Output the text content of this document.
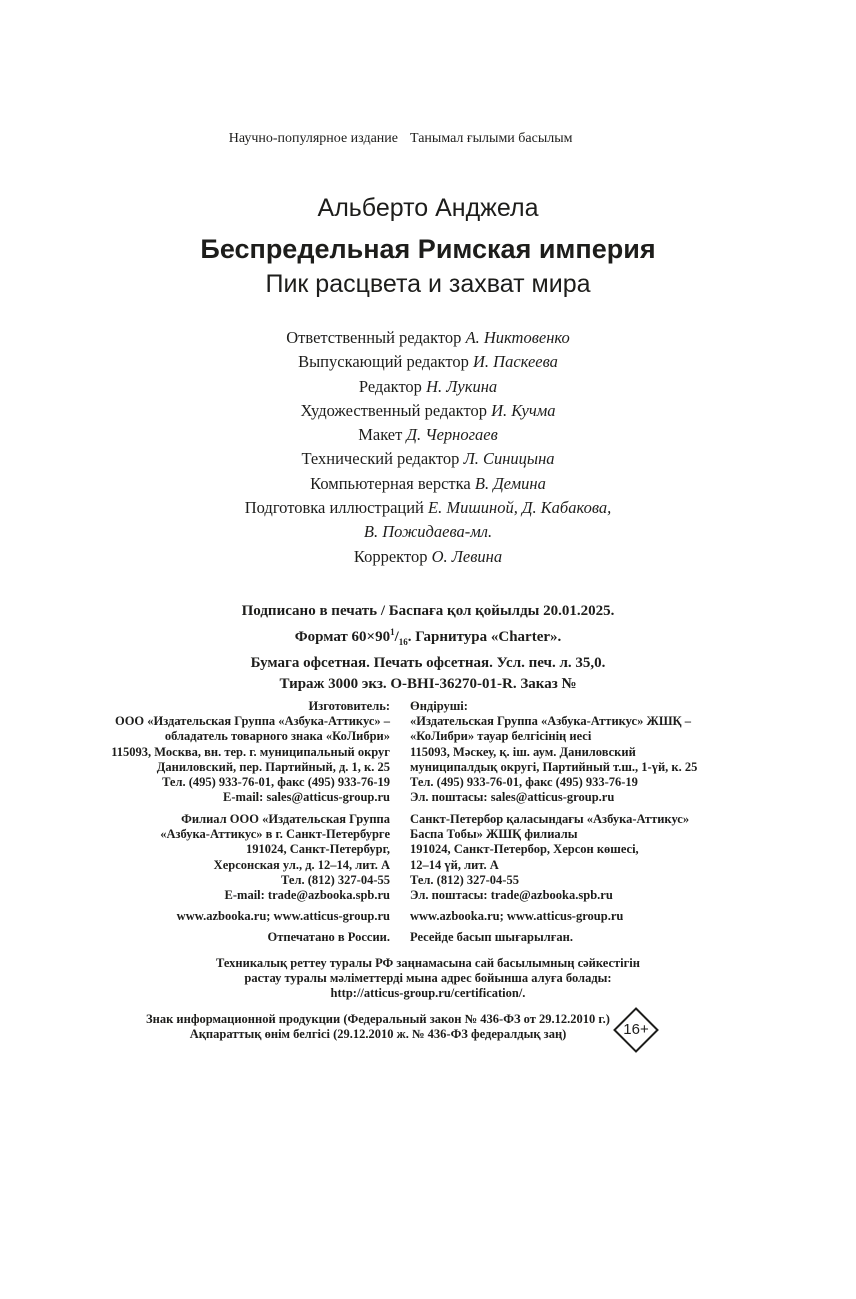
Научно-популярное издание Танымал ғылыми басылым
Альберто Анджела
Беспредельная Римская империя
Пик расцвета и захват мира
Ответственный редактор А. Никтовенко
Выпускающий редактор И. Паскеева
Редактор Н. Лукина
Художественный редактор И. Кучма
Макет Д. Черногаев
Технический редактор Л. Синицына
Компьютерная верстка В. Демина
Подготовка иллюстраций Е. Мишиной, Д. Кабакова,
В. Пожидаева-мл.
Корректор О. Левина
Подписано в печать / Баспаға қол қойылды 20.01.2025.
Формат $60\times 90^1/_{16}$. Гарнитура «Charter».
Бумага офсетная. Печать офсетная. Усл. печ. л. 35,0.
Тираж 3000 экз. O-BHI-36270-01-R. Заказ №
Изготовитель:
ООО «Издательская Группа «Азбука-Аттикус» –
обладатель товарного знака «КоЛибри»
115093, Москва, вн. тер. г. муниципальный округ
Даниловский, пер. Партийный, д. 1, к. 25
Тел. (495) 933-76-01, факс (495) 933-76-19
E-mail: sales@atticus-group.ru
Өндіруші:
«Издательская Группа «Азбука-Аттикус» ЖШҚ –
«КоЛибри» тауар белгісінің иесі
115093, Мәскеу, қ. іш. аум. Даниловский
муниципалдық округі, Партийный т.ш., 1-үй, к. 25
Тел. (495) 933-76-01, факс (495) 933-76-19
Эл. поштасы: sales@atticus-group.ru
Филиал ООО «Издательская Группа
«Азбука-Аттикус» в г. Санкт-Петербурге
191024, Санкт-Петербург,
Херсонская ул., д. 12–14, лит. А
Тел. (812) 327-04-55
E-mail: trade@azbooka.spb.ru
Санкт-Петербор қаласындағы «Азбука-Аттикус»
Баспа Тобы» ЖШҚ филиалы
191024, Санкт-Петербор, Херсон көшесі,
12–14 үй, лит. А
Тел. (812) 327-04-55
Эл. поштасы: trade@azbooka.spb.ru
www.azbooka.ru; www.atticus-group.ru www.azbooka.ru; www.atticus-group.ru
Отпечатано в России. Ресейде басып шығарылған.
Техникалық реттеу туралы РФ заңнамасына сай басылымның сәйкестігін
растау туралы мәліметтерді мына адрес бойынша алуға болады:
http://atticus-group.ru/certification/.
Знак информационной продукции (Федеральный закон № 436-ФЗ от 29.12.2010 г.)
Ақпараттық өнім белгісі (29.12.2010 ж. № 436-ФЗ федералдық заң)	16+
